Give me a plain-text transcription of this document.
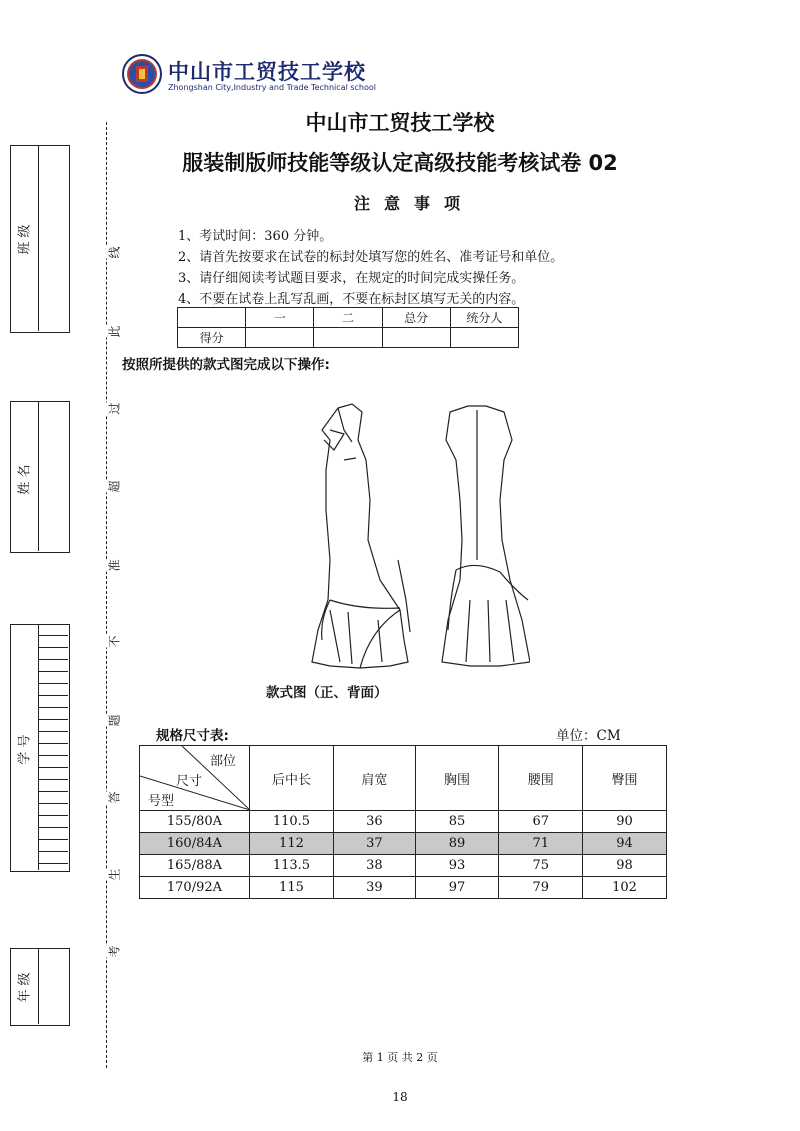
中山市工贸技工学校
Zhongshan City,Industry and Trade Technical school
中山市工贸技工学校
服装制版师技能等级认定高级技能考核试卷 02
注意事项
1、考试时间：360 分钟。
2、请首先按要求在试卷的标封处填写您的姓名、准考证号和单位。
3、请仔细阅读考试题目要求，在规定的时间完成实操任务。
4、不要在试卷上乱写乱画，不要在标封区填写无关的内容。
	一	二	总分	统分人
得分				
按照所提供的款式图完成以下操作:
款式图（正、背面）
规格尺寸表:	单位：CM
部位
尺寸
号型	后中长	肩宽	胸围	腰围	臀围
155/80A	110.5	36	85	67	90
160/84A	112	37	89	71	94
165/88A	113.5	38	93	75	98
170/92A	115	39	97	79	102
班 级
姓 名
学 号
年 级
线
此
过
超
准
不
题
答
生
考
第 1 页 共 2 页
18
